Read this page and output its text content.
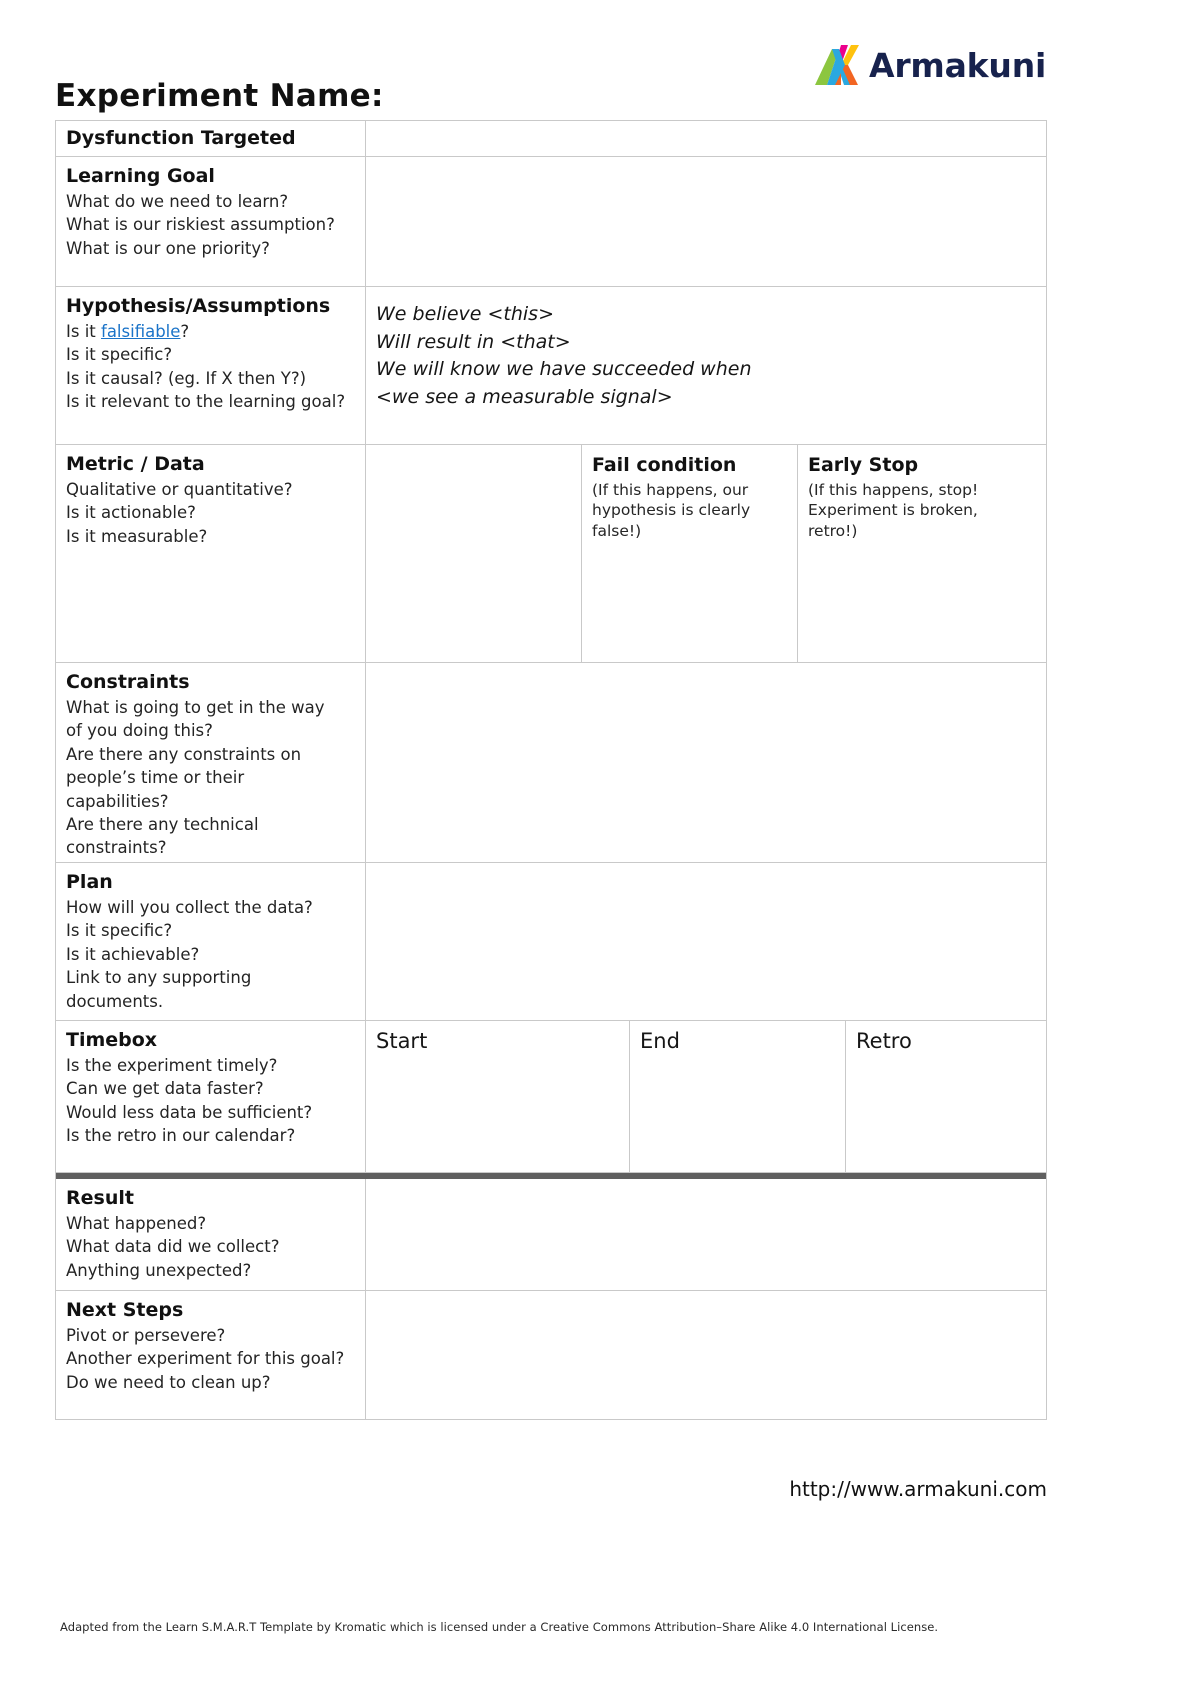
Armakuni
Experiment Name:
Dysfunction Targeted
Learning Goal
What do we need to learn?
What is our riskiest assumption?
What is our one priority?
Hypothesis/Assumptions
Is it falsifiable?
Is it specific?
Is it causal? (eg. If X then Y?)
Is it relevant to the learning goal?
We believe <this>
Will result in <that>
We will know we have succeeded when
<we see a measurable signal>
Metric / Data
Qualitative or quantitative?
Is it actionable?
Is it measurable?
Fail condition
(If this happens, our hypothesis is clearly false!)
Early Stop
(If this happens, stop! Experiment is broken, retro!)
Constraints
What is going to get in the way
of you doing this?
Are there any constraints on
people’s time or their
capabilities?
Are there any technical
constraints?
Plan
How will you collect the data?
Is it specific?
Is it achievable?
Link to any supporting
documents.
Timebox
Is the experiment timely?
Can we get data faster?
Would less data be sufficient?
Is the retro in our calendar?
Start	End	Retro
Result
What happened?
What data did we collect?
Anything unexpected?
Next Steps
Pivot or persevere?
Another experiment for this goal?
Do we need to clean up?
http://www.armakuni.com
Adapted from the Learn S.M.A.R.T Template by Kromatic which is licensed under a Creative Commons Attribution–Share Alike 4.0 International License.
